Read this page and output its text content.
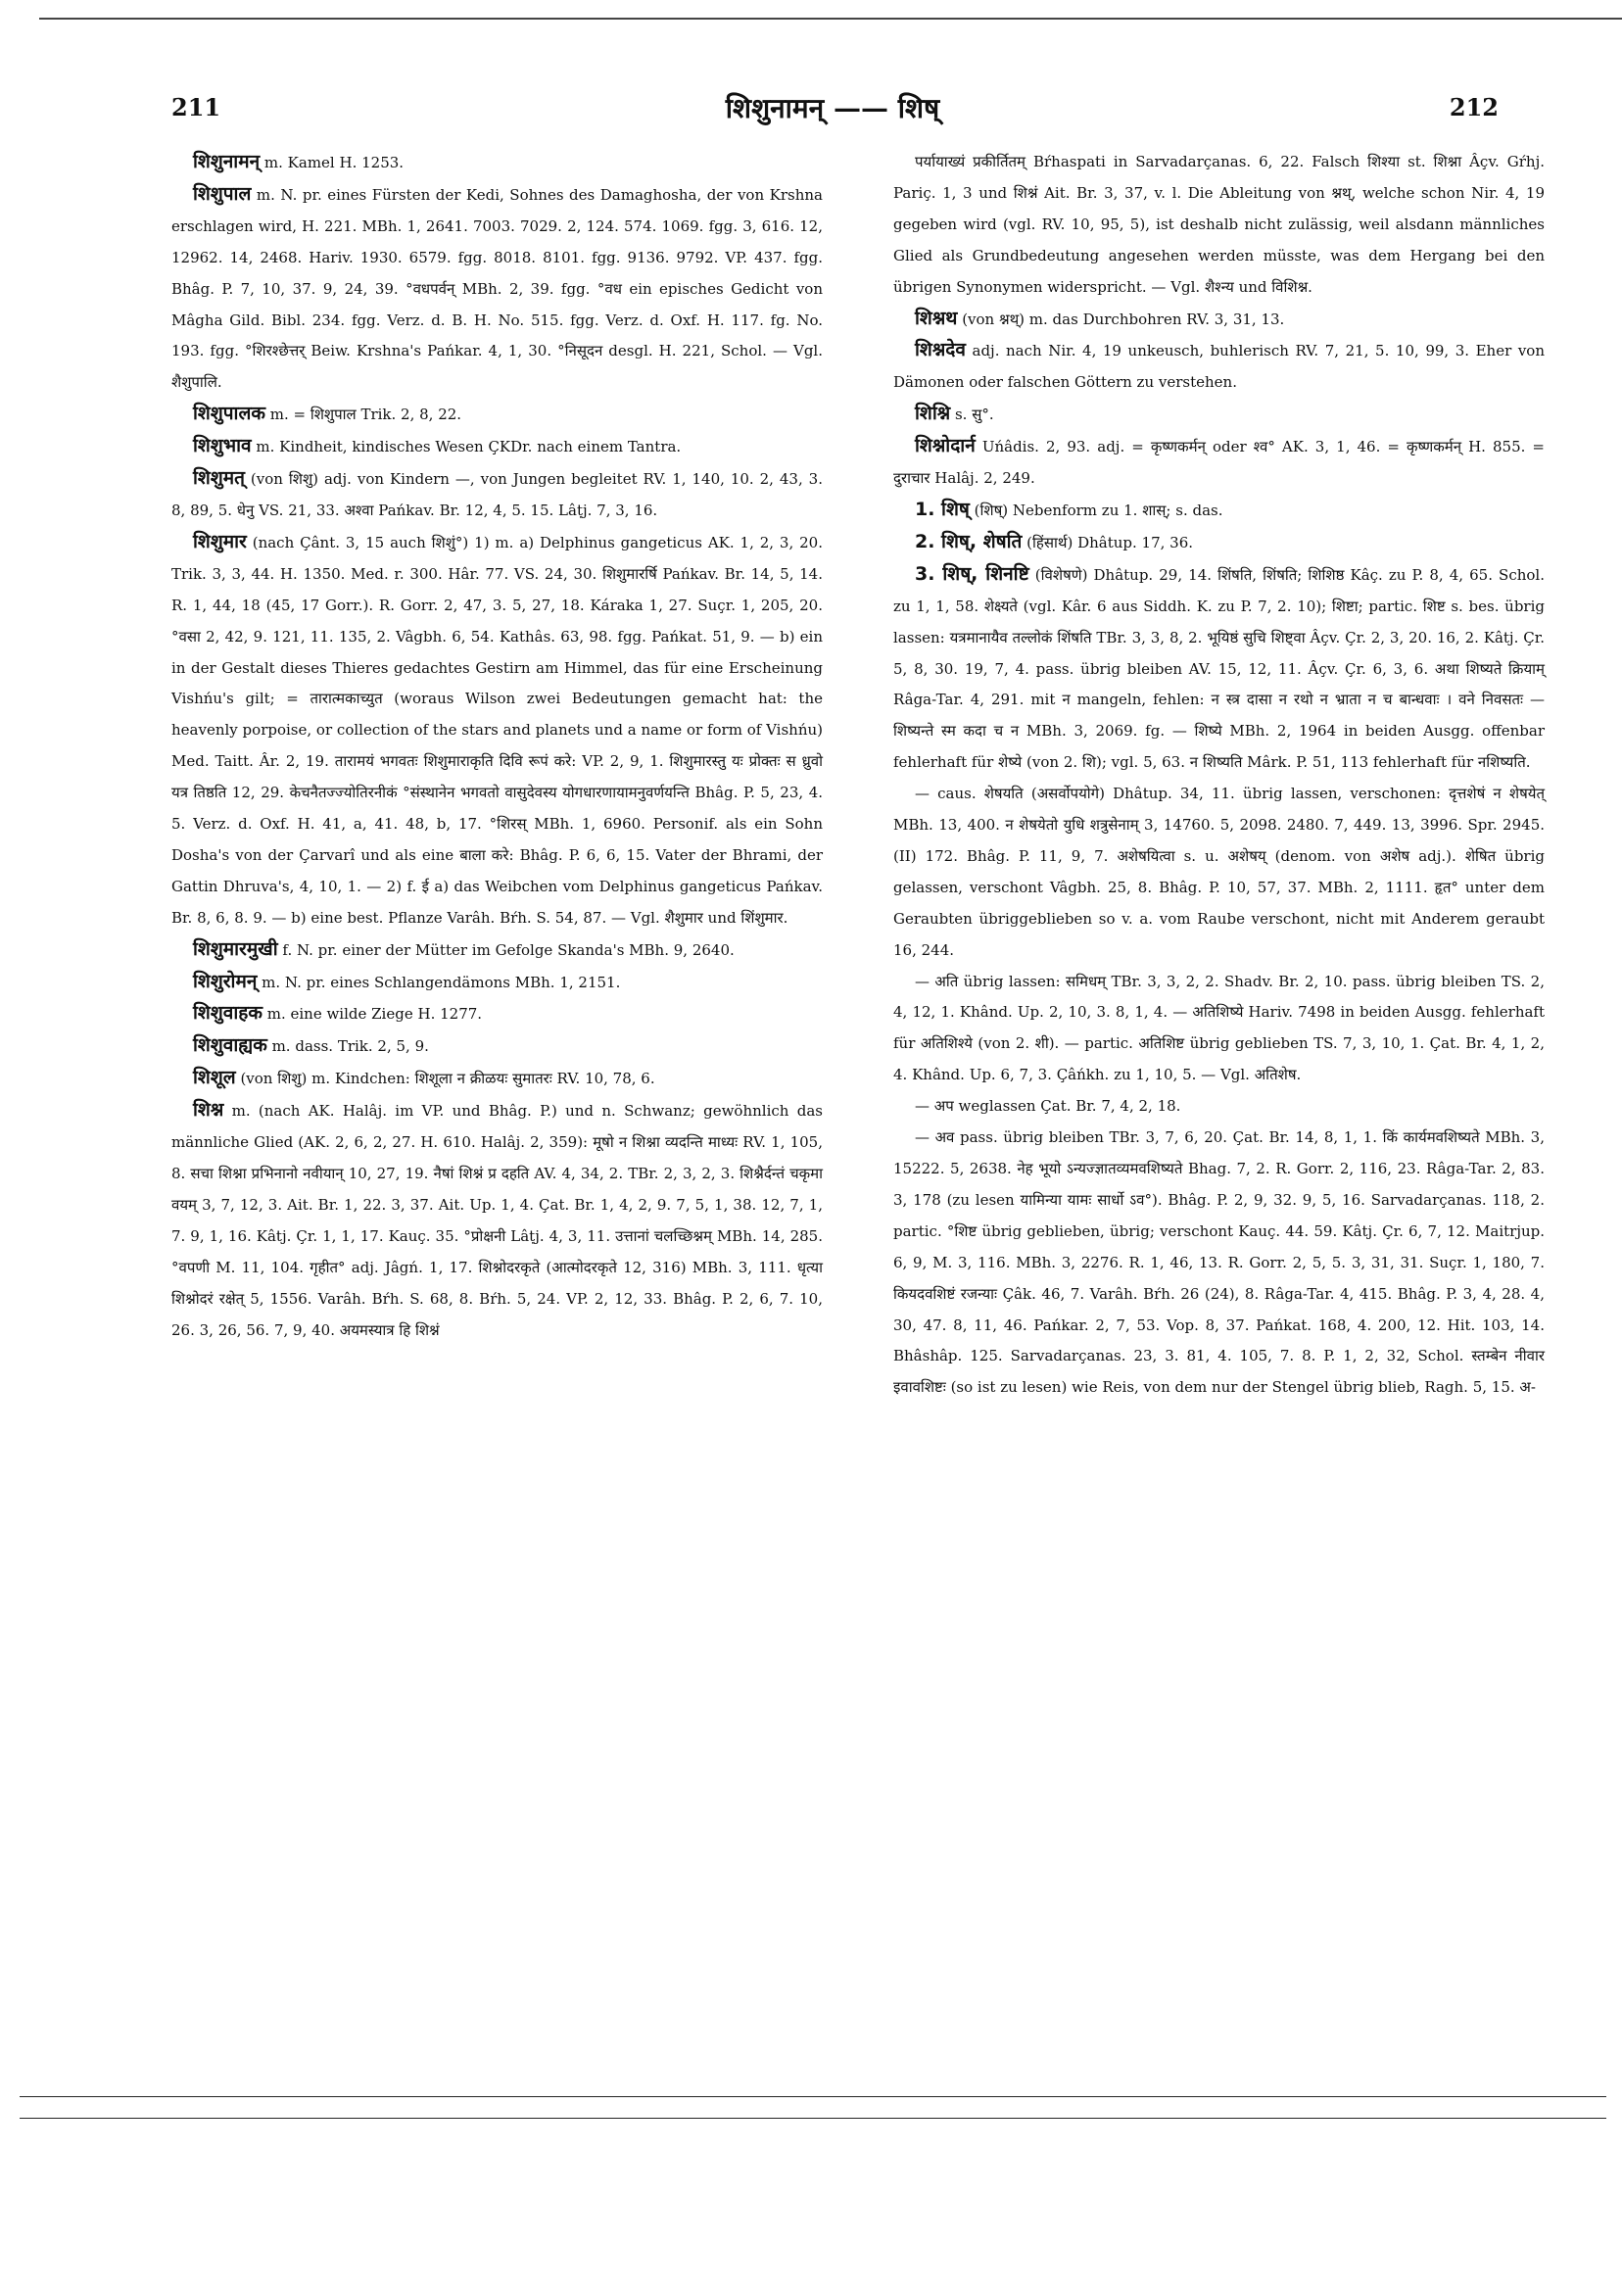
211	शिशुनामन् —— शिष्	212

शिशुनामन् m. Kamel H. 1253.

शिशुपाल m. N. pr. eines Fürsten der Kedi, Sohnes des Damaghosha, der von Krshna erschlagen wird, H. 221. MBh. 1, 2641. 7003. 7029. 2, 124. 574. 1069. fgg. 3, 616. 12, 12962. 14, 2468. Hariv. 1930. 6579. fgg. 8018. 8101. fgg. 9136. 9792. VP. 437. fgg. Bhâg. P. 7, 10, 37. 9, 24, 39. °वधपर्वन् MBh. 2, 39. fgg. °वध ein episches Gedicht von Mâgha Gild. Bibl. 234. fgg. Verz. d. B. H. No. 515. fgg. Verz. d. Oxf. H. 117. fg. No. 193. fgg. °शिरश्छेत्तर् Beiw. Krshna's Pańkar. 4, 1, 30. °निसूदन desgl. H. 221, Schol. — Vgl. शैशुपालि.

शिशुपालक m. = शिशुपाल Trik. 2, 8, 22.

शिशुभाव m. Kindheit, kindisches Wesen ÇKDr. nach einem Tantra.

शिशुमत् (von शिशु) adj. von Kindern —, von Jungen begleitet RV. 1, 140, 10. 2, 43, 3. 8, 89, 5. धेनु VS. 21, 33. अश्वा Pańkav. Br. 12, 4, 5. 15. Lâṭj. 7, 3, 16.

शिशुमार (nach Çânt. 3, 15 auch शिशुं°) 1) m. a) Delphinus gangeticus AK. 1, 2, 3, 20. Trik. 3, 3, 44. H. 1350. Med. r. 300. Hâr. 77. VS. 24, 30. शिशुमारर्षि Pańkav. Br. 14, 5, 14. R. 1, 44, 18 (45, 17 Gorr.). R. Gorr. 2, 47, 3. 5, 27, 18. Káraka 1, 27. Suçr. 1, 205, 20. °वसा 2, 42, 9. 121, 11. 135, 2. Vâgbh. 6, 54. Kathâs. 63, 98. fgg. Pańkat. 51, 9. — b) ein in der Gestalt dieses Thieres gedachtes Gestirn am Himmel, das für eine Erscheinung Vishńu's gilt; = तारात्मकाच्युत (woraus Wilson zwei Bedeutungen gemacht hat: the heavenly porpoise, or collection of the stars and planets und a name or form of Vishńu) Med. Taitt. Âr. 2, 19. तारामयं भगवतः शिशुमाराकृति दिवि रूपं करे: VP. 2, 9, 1. शिशुमारस्तु यः प्रोक्तः स ध्रुवो यत्र तिष्ठति 12, 29. केचनैतज्ज्योतिरनीकं °संस्थानेन भगवतो वासुदेवस्य योगधारणायामनुवर्णयन्ति Bhâg. P. 5, 23, 4. 5. Verz. d. Oxf. H. 41, a, 41. 48, b, 17. °शिरस् MBh. 1, 6960. Personif. als ein Sohn Dosha's von der Çarvarî und als eine बाला करे: Bhâg. P. 6, 6, 15. Vater der Bhrami, der Gattin Dhruva's, 4, 10, 1. — 2) f. ई a) das Weibchen vom Delphinus gangeticus Pańkav. Br. 8, 6, 8. 9. — b) eine best. Pflanze Varâh. Bŕh. S. 54, 87. — Vgl. शैशुमार und शिंशुमार.

शिशुमारमुखी f. N. pr. einer der Mütter im Gefolge Skanda's MBh. 9, 2640.

शिशुरोमन् m. N. pr. eines Schlangendämons MBh. 1, 2151.

शिशुवाहक m. eine wilde Ziege H. 1277.

शिशुवाह्यक m. dass. Trik. 2, 5, 9.

शिशूल (von शिशु) m. Kindchen: शिशूला न क्रीळयः सुमातरः RV. 10, 78, 6.

शिश्न m. (nach AK. Halâj. im VP. und Bhâg. P.) und n. Schwanz; gewöhnlich das männliche Glied (AK. 2, 6, 2, 27. H. 610. Halâj. 2, 359): मूषो न शिश्ना व्यदन्ति माध्यः RV. 1, 105, 8. सचा शिश्ना प्रभिनानो नवीयान् 10, 27, 19. नैषां शिश्नं प्र दहति AV. 4, 34, 2. TBr. 2, 3, 2, 3. शिश्नैर्दन्तं चकृमा वयम् 3, 7, 12, 3. Ait. Br. 1, 22. 3, 37. Ait. Up. 1, 4. Çat. Br. 1, 4, 2, 9. 7, 5, 1, 38. 12, 7, 1, 7. 9, 1, 16. Kâtj. Çr. 1, 1, 17. Kauç. 35. °प्रोक्षनी Lâṭj. 4, 3, 11. उत्तानां चलच्छिश्नम् MBh. 14, 285. °वपणी M. 11, 104. गृहीत° adj. Jâgń. 1, 17. शिश्नोदरकृते (आत्मोदरकृते 12, 316) MBh. 3, 111. धृत्या शिश्नोदरं रक्षेत् 5, 1556. Varâh. Bŕh. S. 68, 8. Bŕh. 5, 24. VP. 2, 12, 33. Bhâg. P. 2, 6, 7. 10, 26. 3, 26, 56. 7, 9, 40. अयमस्यात्र हि शिश्नं

पर्यायाख्यं प्रकीर्तितम् Bŕhaspati in Sarvadarçanas. 6, 22. Falsch शिश्या st. शिश्ना Âçv. Gŕhj. Pariç. 1, 3 und शिश्नं Ait. Br. 3, 37, v. l. Die Ableitung von श्नथ्, welche schon Nir. 4, 19 gegeben wird (vgl. RV. 10, 95, 5), ist deshalb nicht zulässig, weil alsdann männliches Glied als Grundbedeutung angesehen werden müsste, was dem Hergang bei den übrigen Synonymen widerspricht. — Vgl. शैश्न्य und विशिश्न.

शिश्नथ (von श्नथ्) m. das Durchbohren RV. 3, 31, 13.

शिश्नदेव adj. nach Nir. 4, 19 unkeusch, buhlerisch RV. 7, 21, 5. 10, 99, 3. Eher von Dämonen oder falschen Göttern zu verstehen.

शिश्नि s. सु°.

शिश्नोदार्न Uńâdis. 2, 93. adj. = कृष्णकर्मन् oder श्व° AK. 3, 1, 46. = कृष्णकर्मन् H. 855. = दुराचार Halâj. 2, 249.

1. शिष् (शिष्) Nebenform zu 1. शास्; s. das.

2. शिष्, शेषति (हिंसार्थ) Dhâtup. 17, 36.

3. शिष्, शिनष्टि (विशेषणे) Dhâtup. 29, 14. शिंषति, शिंषति; शिशिष्ठ Kâç. zu P. 8, 4, 65. Schol. zu 1, 1, 58. शेक्ष्यते (vgl. Kâr. 6 aus Siddh. K. zu P. 7, 2. 10); शिष्टा; partic. शिष्ट s. bes. übrig lassen: यत्रमानायैव तल्लोकं शिंषति TBr. 3, 3, 8, 2. भूयिष्ठं सुचि शिष्ट्वा Âçv. Çr. 2, 3, 20. 16, 2. Kâtj. Çr. 5, 8, 30. 19, 7, 4. pass. übrig bleiben AV. 15, 12, 11. Âçv. Çr. 6, 3, 6. अथा शिष्यते क्रियाम् Râga-Tar. 4, 291. mit न mangeln, fehlen: न स्त्र दासा न रथो न भ्राता न च बान्धवाः । वने निवसतः — शिष्यन्ते स्म कदा च न MBh. 3, 2069. fg. — शिष्ये MBh. 2, 1964 in beiden Ausgg. offenbar fehlerhaft für शेष्ये (von 2. शि); vgl. 5, 63. न शिष्यति Mârk. P. 51, 113 fehlerhaft für नशिष्यति.

— caus. शेषयति (असर्वोपयोगे) Dhâtup. 34, 11. übrig lassen, verschonen: दृत्तशेषं न शेषयेत् MBh. 13, 400. न शेषयेतो युधि शत्रुसेनाम् 3, 14760. 5, 2098. 2480. 7, 449. 13, 3996. Spr. 2945. (II) 172. Bhâg. P. 11, 9, 7. अशेषयित्वा s. u. अशेषय् (denom. von अशेष adj.). शेषित übrig gelassen, verschont Vâgbh. 25, 8. Bhâg. P. 10, 57, 37. MBh. 2, 1111. हृत° unter dem Geraubten übriggeblieben so v. a. vom Raube verschont, nicht mit Anderem geraubt 16, 244.

— अति übrig lassen: समिधम् TBr. 3, 3, 2, 2. Shadv. Br. 2, 10. pass. übrig bleiben TS. 2, 4, 12, 1. Khând. Up. 2, 10, 3. 8, 1, 4. — अतिशिष्ये Hariv. 7498 in beiden Ausgg. fehlerhaft für अतिशिश्ये (von 2. शी). — partic. अतिशिष्ट übrig geblieben TS. 7, 3, 10, 1. Çat. Br. 4, 1, 2, 4. Khând. Up. 6, 7, 3. Çâńkh. zu 1, 10, 5. — Vgl. अतिशेष.

— अप weglassen Çat. Br. 7, 4, 2, 18.

— अव pass. übrig bleiben TBr. 3, 7, 6, 20. Çat. Br. 14, 8, 1, 1. किं कार्यमवशिष्यते MBh. 3, 15222. 5, 2638. नेह भूयो ऽन्यज्ज्ञातव्यमवशिष्यते Bhag. 7, 2. R. Gorr. 2, 116, 23. Râga-Tar. 2, 83. 3, 178 (zu lesen यामिन्या यामः सार्धो ऽव°). Bhâg. P. 2, 9, 32. 9, 5, 16. Sarvadarçanas. 118, 2. partic. °शिष्ट übrig geblieben, übrig; verschont Kauç. 44. 59. Kâtj. Çr. 6, 7, 12. Maitrjup. 6, 9, M. 3, 116. MBh. 3, 2276. R. 1, 46, 13. R. Gorr. 2, 5, 5. 3, 31, 31. Suçr. 1, 180, 7. कियदवशिष्टं रजन्याः Çâk. 46, 7. Varâh. Bŕh. 26 (24), 8. Râga-Tar. 4, 415. Bhâg. P. 3, 4, 28. 4, 30, 47. 8, 11, 46. Pańkar. 2, 7, 53. Vop. 8, 37. Pańkat. 168, 4. 200, 12. Hit. 103, 14. Bhâshâp. 125. Sarvadarçanas. 23, 3. 81, 4. 105, 7. 8. P. 1, 2, 32, Schol. स्तम्बेन नीवार इवावशिष्टः (so ist zu lesen) wie Reis, von dem nur der Stengel übrig blieb, Ragh. 5, 15. अ-
